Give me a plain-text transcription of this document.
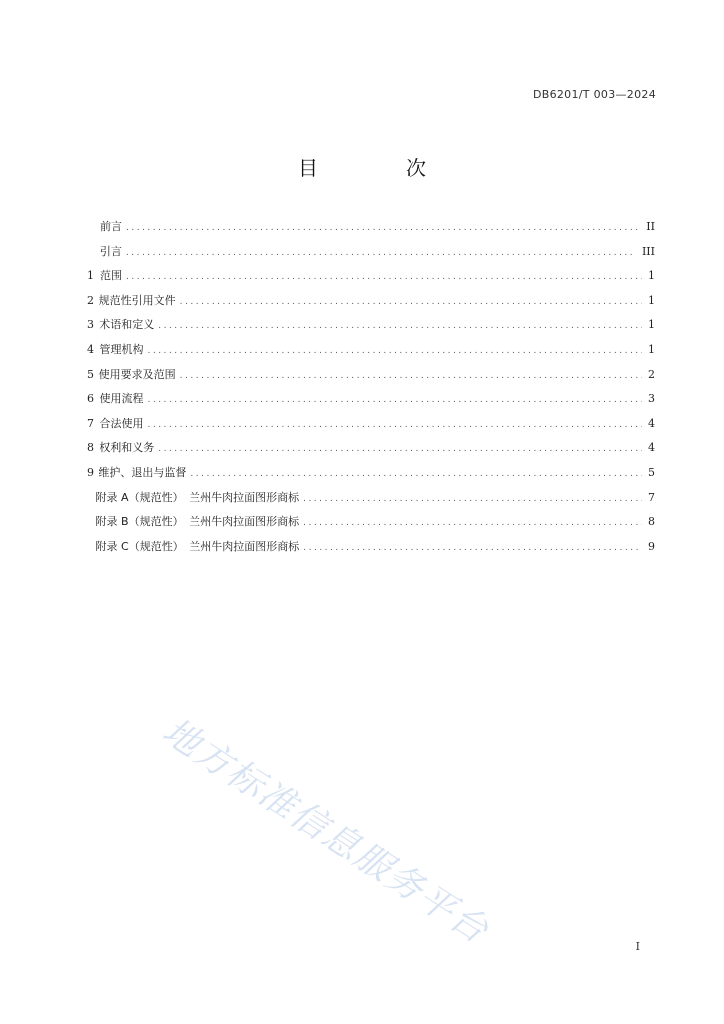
DB6201/T 003—2024
目　次
前言 .....	II
引言 .....	III
1 范围 .....	1
2 规范性引用文件 .....	1
3 术语和定义 .....	1
4 管理机构 .....	1
5 使用要求及范围 .....	2
6 使用流程 .....	3
7 合法使用 .....	4
8 权利和义务 .....	4
9 维护、退出与监督 .....	5
附录 A（规范性）　兰州牛肉拉面图形商标 .....	7
附录 B（规范性）　兰州牛肉拉面图形商标 .....	8
附录 C（规范性）　兰州牛肉拉面图形商标 .....	9
地方标准信息服务平台	I
